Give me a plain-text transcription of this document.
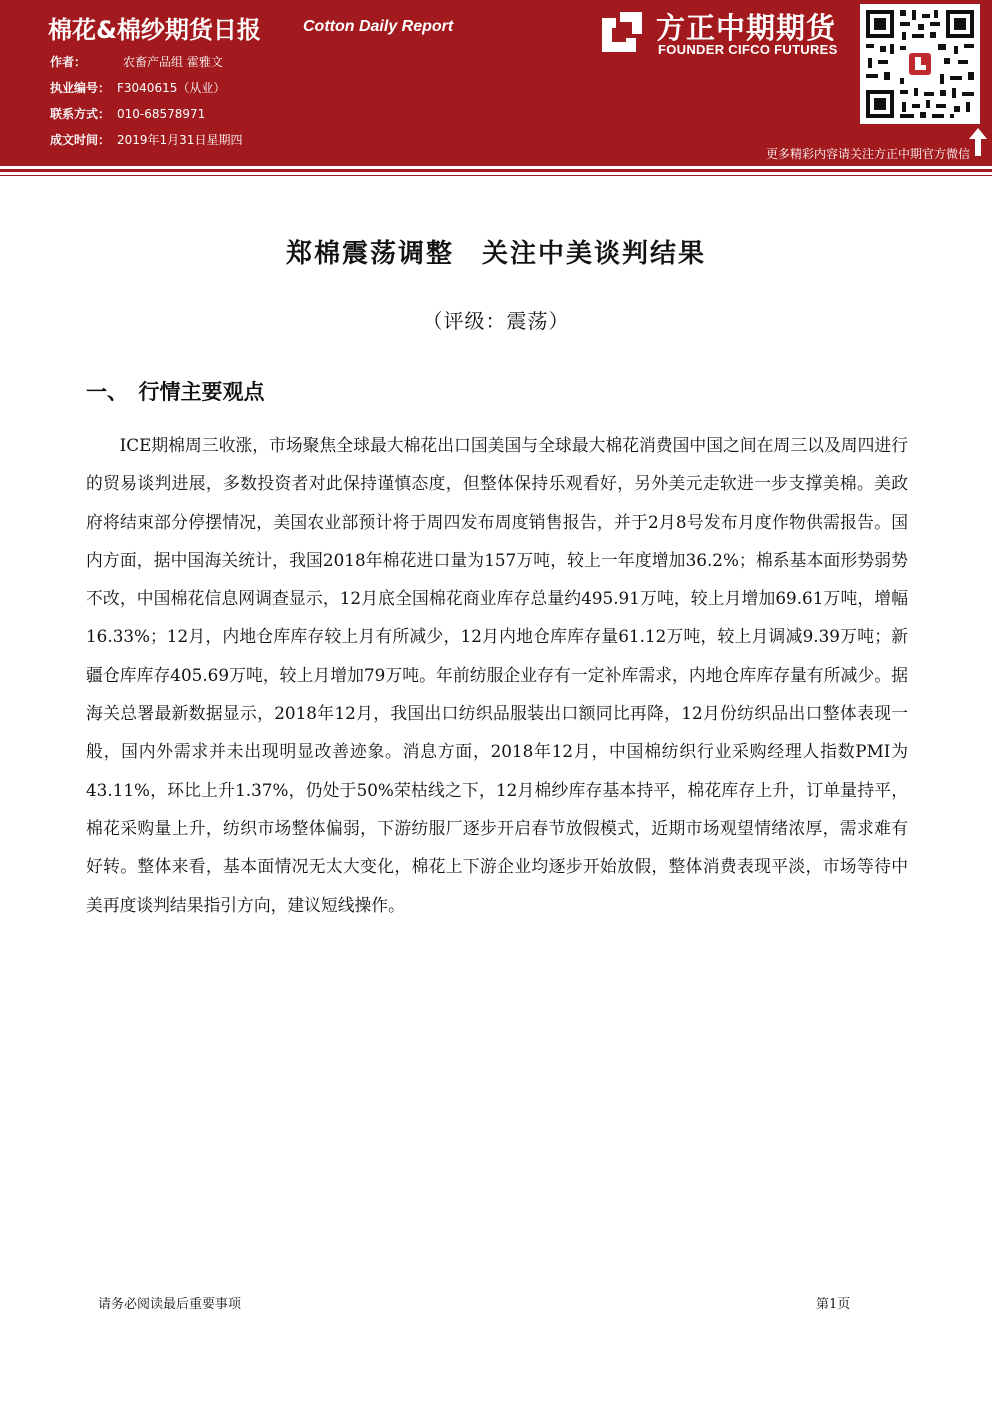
棉花&棉纱期货日报	Cotton Daily Report
作者：	农畜产品组 霍雅文
执业编号： F3040615（从业）
联系方式： 010-68578971
成文时间： 2019年1月31日星期四
方正中期期货
FOUNDER CIFCO FUTURES
更多精彩内容请关注方正中期官方微信
郑棉震荡调整　关注中美谈判结果
（评级：震荡）
一、　行情主要观点
ICE期棉周三收涨，市场聚焦全球最大棉花出口国美国与全球最大棉花消费国中国之间在周三以及周四进行的贸易谈判进展，多数投资者对此保持谨慎态度，但整体保持乐观看好，另外美元走软进一步支撑美棉。美政府将结束部分停摆情况，美国农业部预计将于周四发布周度销售报告，并于2月8号发布月度作物供需报告。国内方面，据中国海关统计，我国2018年棉花进口量为157万吨，较上一年度增加36.2%；棉系基本面形势弱势不改，中国棉花信息网调查显示，12月底全国棉花商业库存总量约495.91万吨，较上月增加69.61万吨，增幅16.33%；12月，内地仓库库存较上月有所减少，12月内地仓库库存量61.12万吨，较上月调减9.39万吨；新疆仓库库存405.69万吨，较上月增加79万吨。年前纺服企业存有一定补库需求，内地仓库库存量有所减少。据海关总署最新数据显示，2018年12月，我国出口纺织品服装出口额同比再降，12月份纺织品出口整体表现一般，国内外需求并未出现明显改善迹象。消息方面，2018年12月，中国棉纺织行业采购经理人指数PMI为43.11%，环比上升1.37%，仍处于50%荣枯线之下，12月棉纱库存基本持平，棉花库存上升，订单量持平，棉花采购量上升，纺织市场整体偏弱，下游纺服厂逐步开启春节放假模式，近期市场观望情绪浓厚，需求难有好转。整体来看，基本面情况无太大变化，棉花上下游企业均逐步开始放假，整体消费表现平淡，市场等待中美再度谈判结果指引方向，建议短线操作。
请务必阅读最后重要事项	第1页
